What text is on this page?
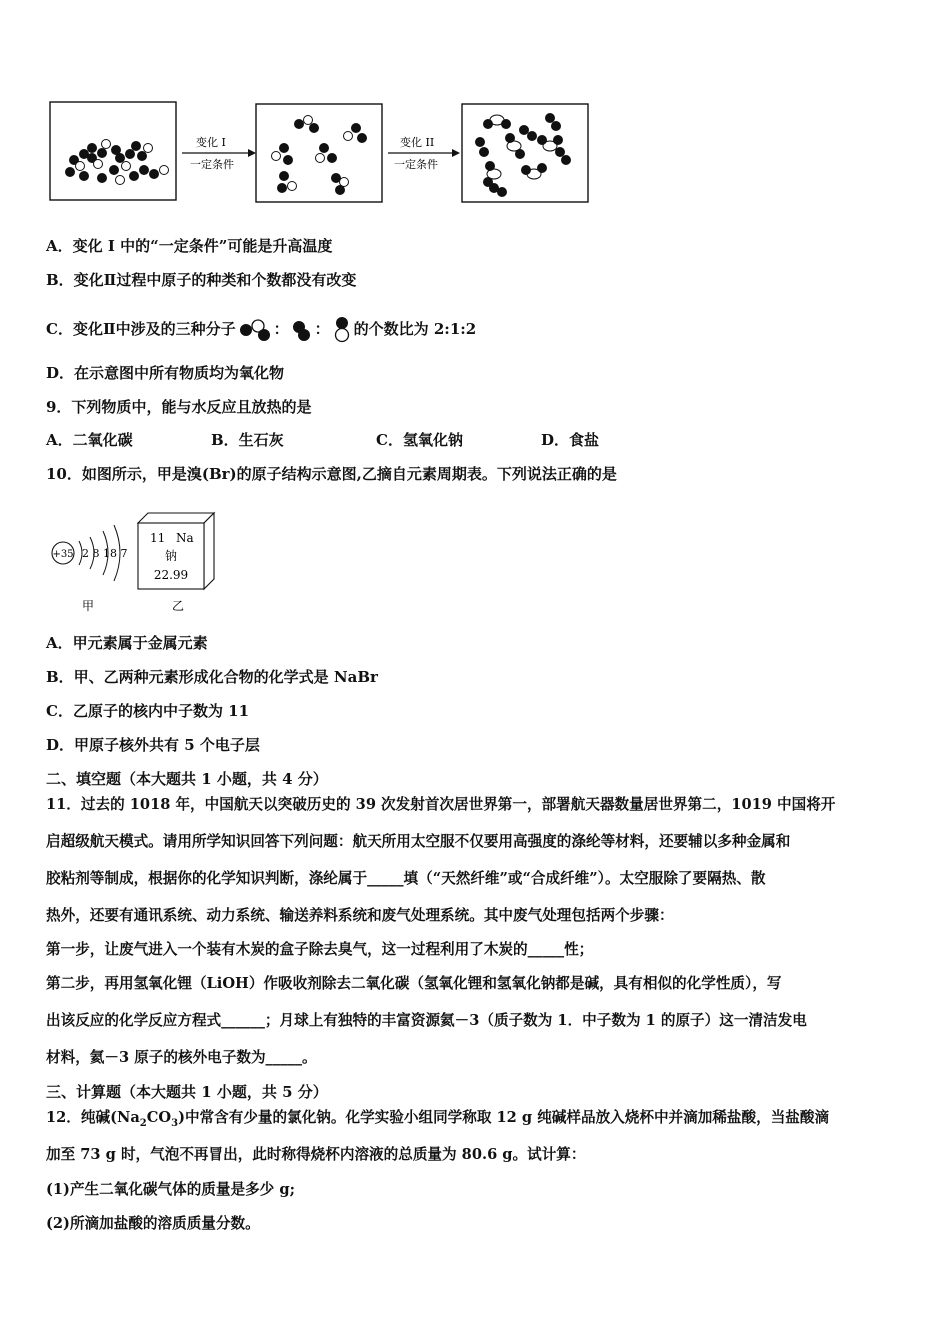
变化 I
一定条件
变化 II
一定条件
A．变化 I 中的“一定条件”可能是升高温度
B．变化Ⅱ过程中原子的种类和个数都没有改变
C．变化Ⅱ中涉及的三种分子	： ： 的个数比为 2:1:2
D．在示意图中所有物质均为氧化物
9．下列物质中，能与水反应且放热的是
A．二氧化碳	B．生石灰	C．氢氧化钠	D．食盐
10．如图所示，甲是溴(Br)的原子结构示意图,乙摘自元素周期表。下列说法正确的是
+35 2 8 18 7
甲
11 Na
钠
22.99
乙
A．甲元素属于金属元素
B．甲、乙两种元素形成化合物的化学式是 NaBr
C．乙原子的核内中子数为 11
D．甲原子核外共有 5 个电子层
二、填空题（本大题共 1 小题，共 4 分）
11．过去的 1018 年，中国航天以突破历史的 39 次发射首次居世界第一，部署航天器数量居世界第二，1019 中国将开
启超级航天模式。请用所学知识回答下列问题：航天所用太空服不仅要用高强度的涤纶等材料，还要辅以多种金属和
胶粘剂等制成，根据你的化学知识判断，涤纶属于_____填（“天然纤维”或“合成纤维”）。太空服除了要隔热、散
热外，还要有通讯系统、动力系统、输送养料系统和废气处理系统。其中废气处理包括两个步骤：
第一步，让废气进入一个装有木炭的盒子除去臭气，这一过程利用了木炭的_____性；
第二步，再用氢氧化锂（LiOH）作吸收剂除去二氧化碳（氢氧化锂和氢氧化钠都是碱，具有相似的化学性质），写
出该反应的化学反应方程式______；月球上有独特的丰富资源氦－3（质子数为 1．中子数为 1 的原子）这一清洁发电
材料，氦－3 原子的核外电子数为_____。
三、计算题（本大题共 1 小题，共 5 分）
12．纯碱$(Na_2CO_3)$中常含有少量的氯化钠。化学实验小组同学称取 12 g 纯碱样品放入烧杯中并滴加稀盐酸，当盐酸滴
加至 73 g 时，气泡不再冒出，此时称得烧杯内溶液的总质量为 80.6 g。试计算：
(1)产生二氧化碳气体的质量是多少 g;
(2)所滴加盐酸的溶质质量分数。
